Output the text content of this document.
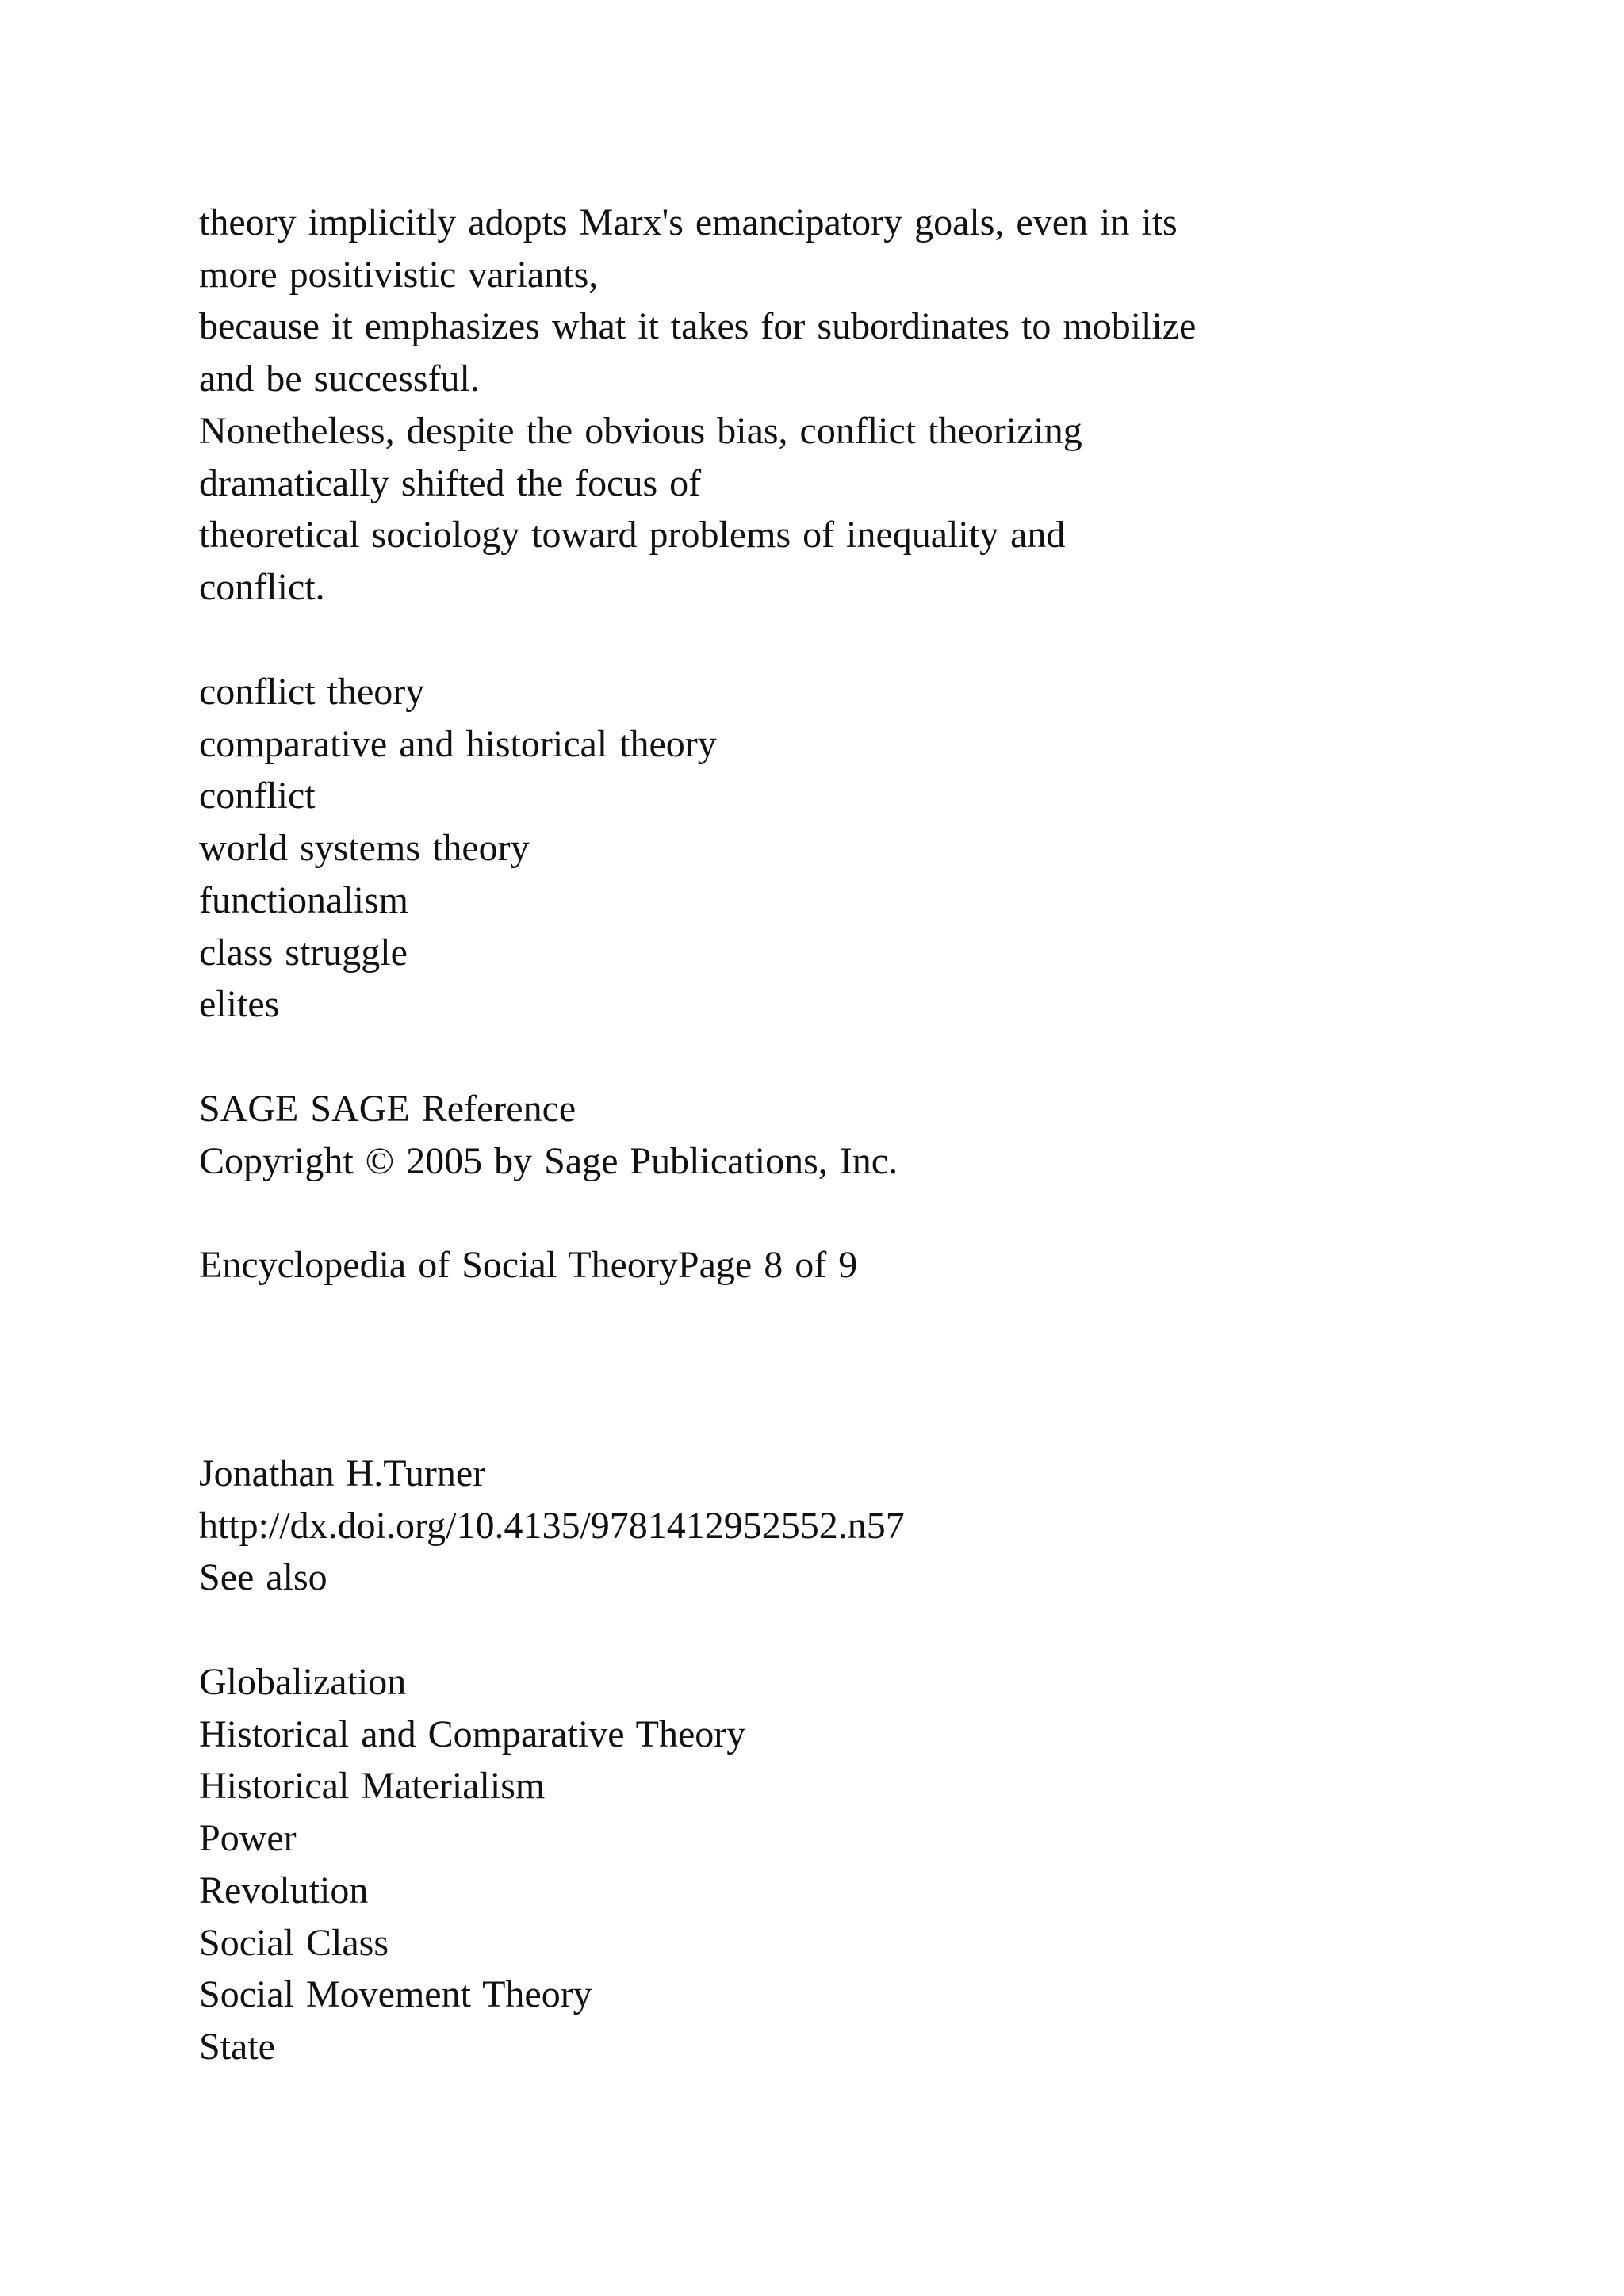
theory implicitly adopts Marx's emancipatory goals, even in its
more positivistic variants,
because it emphasizes what it takes for subordinates to mobilize
and be successful.
Nonetheless, despite the obvious bias, conflict theorizing
dramatically shifted the focus of
theoretical sociology toward problems of inequality and
conflict.
conflict theory
comparative and historical theory
conflict
world systems theory
functionalism
class struggle
elites
SAGE SAGE Reference
Copyright © 2005 by Sage Publications, Inc.
Encyclopedia of Social TheoryPage 8 of 9
Jonathan H.Turner
http://dx.doi.org/10.4135/9781412952552.n57
See also
Globalization
Historical and Comparative Theory
Historical Materialism
Power
Revolution
Social Class
Social Movement Theory
State
